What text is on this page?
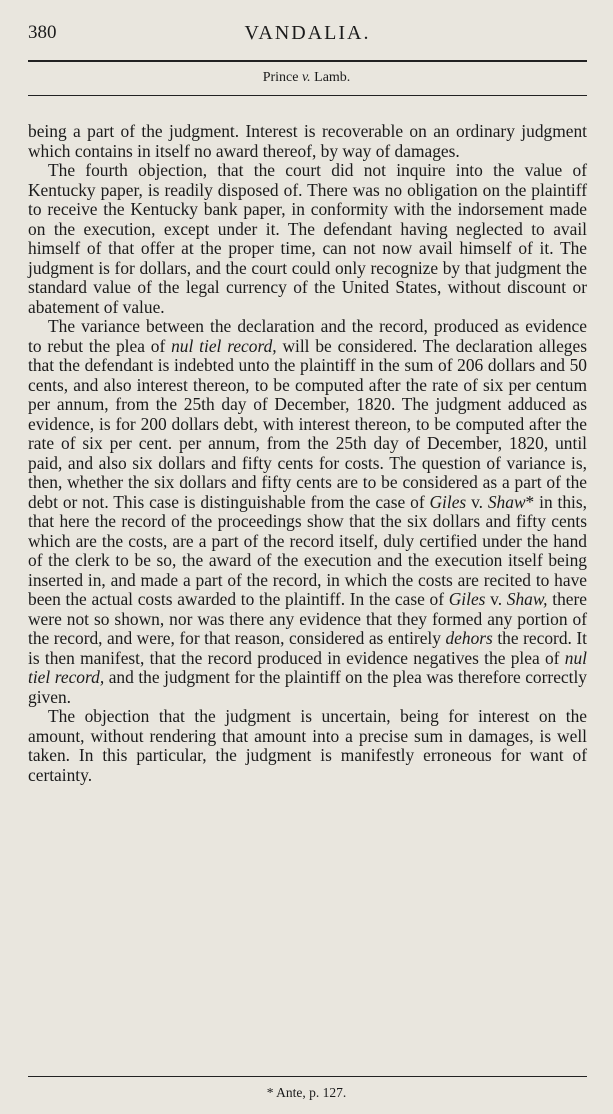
380	VANDALIA.
Prince v. Lamb.

being a part of the judgment. Interest is recoverable on an ordinary judgment which contains in itself no award thereof, by way of damages.

The fourth objection, that the court did not inquire into the value of Kentucky paper, is readily disposed of. There was no obligation on the plaintiff to receive the Kentucky bank paper, in conformity with the indorsement made on the execution, except under it. The defendant having neglected to avail himself of that offer at the proper time, can not now avail himself of it. The judgment is for dollars, and the court could only recognize by that judgment the standard value of the legal currency of the United States, without discount or abatement of value.

The variance between the declaration and the record, produced as evidence to rebut the plea of nul tiel record, will be considered. The declaration alleges that the defendant is indebted unto the plaintiff in the sum of 206 dollars and 50 cents, and also interest thereon, to be computed after the rate of six per centum per annum, from the 25th day of December, 1820. The judgment adduced as evidence, is for 200 dollars debt, with interest thereon, to be computed after the rate of six per cent. per annum, from the 25th day of December, 1820, until paid, and also six dollars and fifty cents for costs. The question of variance is, then, whether the six dollars and fifty cents are to be considered as a part of the debt or not. This case is distinguishable from the case of Giles v. Shaw* in this, that here the record of the proceedings show that the six dollars and fifty cents which are the costs, are a part of the record itself, duly certified under the hand of the clerk to be so, the award of the execution and the execution itself being inserted in, and made a part of the record, in which the costs are recited to have been the actual costs awarded to the plaintiff. In the case of Giles v. Shaw, there were not so shown, nor was there any evidence that they formed any portion of the record, and were, for that reason, considered as entirely dehors the record. It is then manifest, that the record produced in evidence negatives the plea of nul tiel record, and the judgment for the plaintiff on the plea was therefore correctly given.

The objection that the judgment is uncertain, being for interest on the amount, without rendering that amount into a precise sum in damages, is well taken. In this particular, the judgment is manifestly erroneous for want of certainty.

* Ante, p. 127.
